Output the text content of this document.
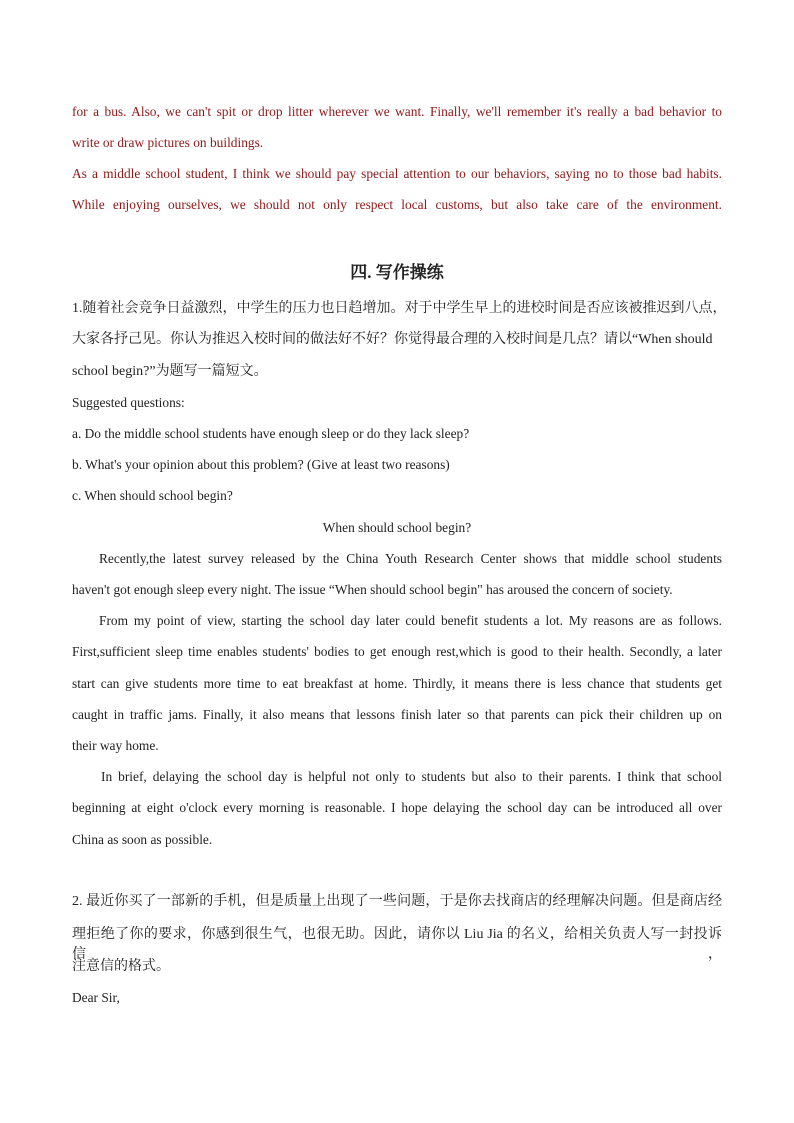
for a bus. Also, we can't spit or drop litter wherever we want. Finally, we'll remember it's really a bad behavior to
write or draw pictures on buildings.
As a middle school student, I think we should pay special attention to our behaviors, saying no to those bad habits.
While enjoying ourselves, we should not only respect local customs, but also take care of the environment.
四. 写作操练
1.随着社会竞争日益激烈，中学生的压力也日趋增加。对于中学生早上的进校时间是否应该被推迟到八点，
大家各抒己见。你认为推迟入校时间的做法好不好？你觉得最合理的入校时间是几点？请以“When should
school begin?”为题写一篇短文。
Suggested questions:
a. Do the middle school students have enough sleep or do they lack sleep?
b. What's your opinion about this problem? (Give at least two reasons)
c. When should school begin?
When should school begin?
Recently,the latest survey released by the China Youth Research Center shows that middle school students
haven't got enough sleep every night. The issue “When should school begin" has aroused the concern of society.
From my point of view, starting the school day later could benefit students a lot. My reasons are as follows.
First,sufficient sleep time enables students' bodies to get enough rest,which is good to their health. Secondly, a later
start can give students more time to eat breakfast at home. Thirdly, it means there is less chance that students get
caught in traffic jams. Finally, it also means that lessons finish later so that parents can pick their children up on
their way home.
In brief, delaying the school day is helpful not only to students but also to their parents. I think that school
beginning at eight o'clock every morning is reasonable. I hope delaying the school day can be introduced all over
China as soon as possible.
2. 最近你买了一部新的手机，但是质量上出现了一些问题，于是你去找商店的经理解决问题。但是商店经
理拒绝了你的要求，你感到很生气，也很无助。因此，请你以 Liu Jia 的名义，给相关负责人写一封投诉信，
注意信的格式。
Dear Sir,
